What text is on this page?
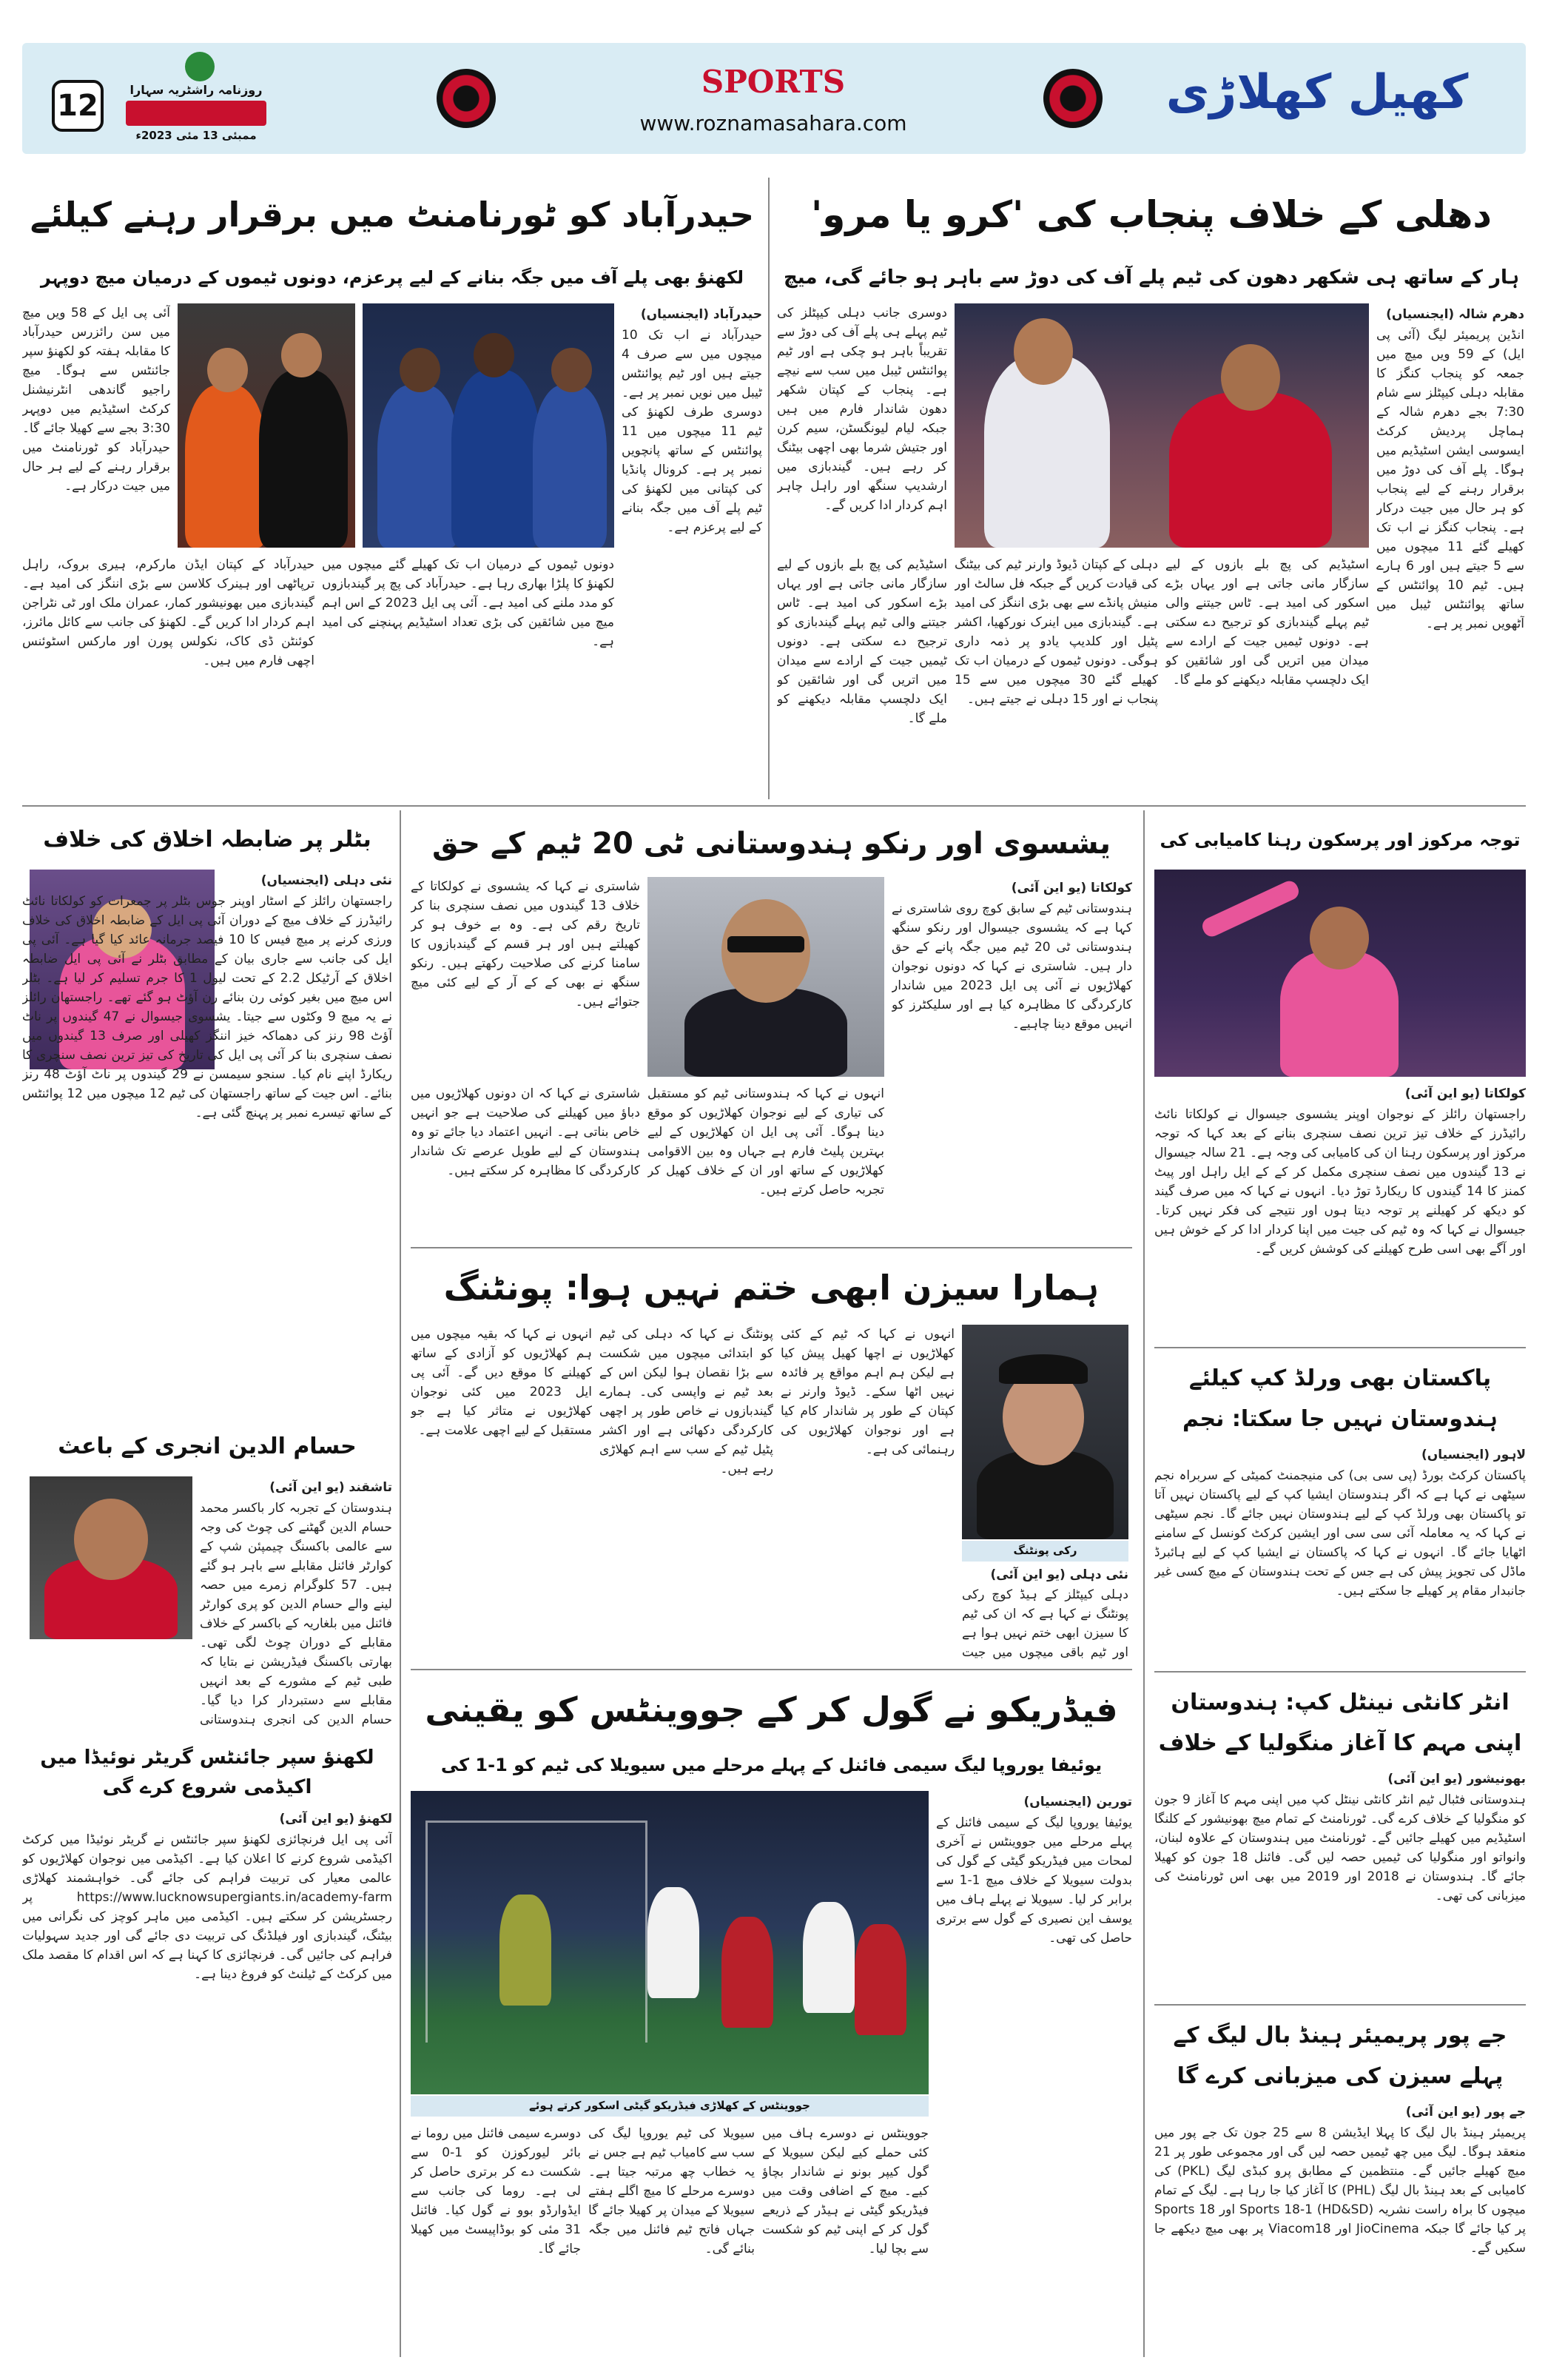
12	روزنامہ راشٹریہ سہارا
ممبئی 13 مئی 2023ء
SPORTS
www.roznamasahara.com
کھیل کھلاڑی
دھلی کے خلاف پنجاب کی 'کرو یا مرو'
ہار کے ساتھ ہی شکھر دھون کی ٹیم پلے آف کی دوڑ سے باہر ہو جائے گی، میچ
دھرم شالہ (ایجنسیاں)
انڈین پریمیئر لیگ (آئی پی ایل) کے 59 ویں میچ میں جمعہ کو پنجاب کنگز کا مقابلہ دہلی کیپٹلز سے شام 7:30 بجے دھرم شالہ کے ہماچل پردیش کرکٹ ایسوسی ایشن اسٹیڈیم میں ہوگا۔ پلے آف کی دوڑ میں برقرار رہنے کے لیے پنجاب کو ہر حال میں جیت درکار ہے۔ پنجاب کنگز نے اب تک کھیلے گئے 11 میچوں میں سے 5 جیتے ہیں اور 6 ہارے ہیں۔ ٹیم 10 پوائنٹس کے ساتھ پوائنٹس ٹیبل میں آٹھویں نمبر پر ہے۔
دوسری جانب دہلی کیپٹلز کی ٹیم پہلے ہی پلے آف کی دوڑ سے تقریباً باہر ہو چکی ہے اور ٹیم پوائنٹس ٹیبل میں سب سے نیچے ہے۔ پنجاب کے کپتان شکھر دھون شاندار فارم میں ہیں جبکہ لیام لیونگسٹن، سیم کرن اور جتیش شرما بھی اچھی بیٹنگ کر رہے ہیں۔ گیندبازی میں ارشدیپ سنگھ اور راہل چاہر اہم کردار ادا کریں گے۔
دہلی کے کپتان ڈیوڈ وارنر ٹیم کی بیٹنگ کی قیادت کریں گے جبکہ فل سالٹ اور منیش پانڈے سے بھی بڑی اننگز کی امید ہے۔ گیندبازی میں اینرک نورکھیا، اکشر پٹیل اور کلدیپ یادو پر ذمہ داری ہوگی۔ دونوں ٹیموں کے درمیان اب تک کھیلے گئے 30 میچوں میں سے 15 پنجاب نے اور 15 دہلی نے جیتے ہیں۔
اسٹیڈیم کی پچ بلے بازوں کے لیے سازگار مانی جاتی ہے اور یہاں بڑے اسکور کی امید ہے۔ ٹاس جیتنے والی ٹیم پہلے گیندبازی کو ترجیح دے سکتی ہے۔ دونوں ٹیمیں جیت کے ارادے سے میدان میں اتریں گی اور شائقین کو ایک دلچسپ مقابلہ دیکھنے کو ملے گا۔
اسٹیڈیم کی پچ بلے بازوں کے لیے سازگار مانی جاتی ہے اور یہاں بڑے اسکور کی امید ہے۔ ٹاس جیتنے والی ٹیم پہلے گیندبازی کو ترجیح دے سکتی ہے۔ دونوں ٹیمیں جیت کے ارادے سے میدان میں اتریں گی اور شائقین کو ایک دلچسپ مقابلہ دیکھنے کو ملے گا۔
حیدرآباد کو ٹورنامنٹ میں برقرار رہنے کیلئے
لکھنؤ بھی پلے آف میں جگہ بنانے کے لیے پرعزم، دونوں ٹیموں کے درمیان میچ دوپہر
آئی پی ایل کے 58 ویں میچ میں سن رائزرس حیدرآباد کا مقابلہ ہفتہ کو لکھنؤ سپر جائنٹس سے ہوگا۔ میچ راجیو گاندھی انٹرنیشنل کرکٹ اسٹیڈیم میں دوپہر 3:30 بجے سے کھیلا جائے گا۔ حیدرآباد کو ٹورنامنٹ میں برقرار رہنے کے لیے ہر حال میں جیت درکار ہے۔
حیدرآباد (ایجنسیاں)
حیدرآباد نے اب تک 10 میچوں میں سے صرف 4 جیتے ہیں اور ٹیم پوائنٹس ٹیبل میں نویں نمبر پر ہے۔ دوسری طرف لکھنؤ کی ٹیم 11 میچوں میں 11 پوائنٹس کے ساتھ پانچویں نمبر پر ہے۔ کرونال پانڈیا کی کپتانی میں لکھنؤ کی ٹیم پلے آف میں جگہ بنانے کے لیے پرعزم ہے۔
حیدرآباد کے کپتان ایڈن مارکرم، ہیری بروک، راہل ترپاٹھی اور ہینرک کلاسن سے بڑی اننگز کی امید ہے۔ گیندبازی میں بھونیشور کمار، عمران ملک اور ٹی نٹراجن اہم کردار ادا کریں گے۔ لکھنؤ کی جانب سے کائل مائرز، کوئنٹن ڈی کاک، نکولس پورن اور مارکس اسٹوئنس اچھی فارم میں ہیں۔
دونوں ٹیموں کے درمیان اب تک کھیلے گئے میچوں میں لکھنؤ کا پلڑا بھاری رہا ہے۔ حیدرآباد کی پچ پر گیندبازوں کو مدد ملنے کی امید ہے۔ آئی پی ایل 2023 کے اس اہم میچ میں شائقین کی بڑی تعداد اسٹیڈیم پہنچنے کی امید ہے۔
بٹلر پر ضابطہ اخلاق کی خلاف
نئی دہلی (ایجنسیاں)
راجستھان رائلز کے اسٹار اوپنر جوس بٹلر پر جمعرات کو کولکاتا نائٹ رائیڈرز کے خلاف میچ کے دوران آئی پی ایل کے ضابطہ اخلاق کی خلاف ورزی کرنے پر میچ فیس کا 10 فیصد جرمانہ عائد کیا گیا ہے۔ آئی پی ایل کی جانب سے جاری بیان کے مطابق بٹلر نے آئی پی ایل ضابطہ اخلاق کے آرٹیکل 2.2 کے تحت لیول 1 کا جرم تسلیم کر لیا ہے۔ بٹلر اس میچ میں بغیر کوئی رن بنائے رن آؤٹ ہو گئے تھے۔ راجستھان رائلز نے یہ میچ 9 وکٹوں سے جیتا۔ یشسوی جیسوال نے 47 گیندوں پر ناٹ آؤٹ 98 رنز کی دھماکہ خیز اننگز کھیلی اور صرف 13 گیندوں میں نصف سنچری بنا کر آئی پی ایل کی تاریخ کی تیز ترین نصف سنچری کا ریکارڈ اپنے نام کیا۔ سنجو سیمسن نے 29 گیندوں پر ناٹ آؤٹ 48 رنز بنائے۔ اس جیت کے ساتھ راجستھان کی ٹیم 12 میچوں میں 12 پوائنٹس کے ساتھ تیسرے نمبر پر پہنچ گئی ہے۔
حسام الدین انجری کے باعث
تاشقند (یو این آئی)
ہندوستان کے تجربہ کار باکسر محمد حسام الدین گھٹنے کی چوٹ کی وجہ سے عالمی باکسنگ چیمپئن شپ کے کوارٹر فائنل مقابلے سے باہر ہو گئے ہیں۔ 57 کلوگرام زمرے میں حصہ لینے والے حسام الدین کو پری کوارٹر فائنل میں بلغاریہ کے باکسر کے خلاف مقابلے کے دوران چوٹ لگی تھی۔ بھارتی باکسنگ فیڈریشن نے بتایا کہ طبی ٹیم کے مشورے کے بعد انہیں مقابلے سے دستبردار کرا دیا گیا۔ حسام الدین کی انجری ہندوستانی
لکھنؤ سپر جائنٹس گریٹر نوئیڈا میں اکیڈمی شروع کرے گی
لکھنؤ (یو این آئی)
آئی پی ایل فرنچائزی لکھنؤ سپر جائنٹس نے گریٹر نوئیڈا میں کرکٹ اکیڈمی شروع کرنے کا اعلان کیا ہے۔ اکیڈمی میں نوجوان کھلاڑیوں کو عالمی معیار کی تربیت فراہم کی جائے گی۔ خواہشمند کھلاڑی https://www.lucknowsupergiants.in/academy-farm پر رجسٹریشن کر سکتے ہیں۔ اکیڈمی میں ماہر کوچز کی نگرانی میں بیٹنگ، گیندبازی اور فیلڈنگ کی تربیت دی جائے گی اور جدید سہولیات فراہم کی جائیں گی۔ فرنچائزی کا کہنا ہے کہ اس اقدام کا مقصد ملک میں کرکٹ کے ٹیلنٹ کو فروغ دینا ہے۔
یشسوی اور رنکو ہندوستانی ٹی 20 ٹیم کے حق
کولکاتا (یو این آئی)
ہندوستانی ٹیم کے سابق کوچ روی شاستری نے کہا ہے کہ یشسوی جیسوال اور رنکو سنگھ ہندوستانی ٹی 20 ٹیم میں جگہ پانے کے حق دار ہیں۔ شاستری نے کہا کہ دونوں نوجوان کھلاڑیوں نے آئی پی ایل 2023 میں شاندار کارکردگی کا مظاہرہ کیا ہے اور سلیکٹرز کو انہیں موقع دینا چاہیے۔
شاستری نے کہا کہ یشسوی نے کولکاتا کے خلاف 13 گیندوں میں نصف سنچری بنا کر تاریخ رقم کی ہے۔ وہ بے خوف ہو کر کھیلتے ہیں اور ہر قسم کے گیندبازوں کا سامنا کرنے کی صلاحیت رکھتے ہیں۔ رنکو سنگھ نے بھی کے کے آر کے لیے کئی میچ جتوائے ہیں۔
انہوں نے کہا کہ ہندوستانی ٹیم کو مستقبل کی تیاری کے لیے نوجوان کھلاڑیوں کو موقع دینا ہوگا۔ آئی پی ایل ان کھلاڑیوں کے لیے بہترین پلیٹ فارم ہے جہاں وہ بین الاقوامی کھلاڑیوں کے ساتھ اور ان کے خلاف کھیل کر تجربہ حاصل کرتے ہیں۔
شاستری نے کہا کہ ان دونوں کھلاڑیوں میں دباؤ میں کھیلنے کی صلاحیت ہے جو انہیں خاص بناتی ہے۔ انہیں اعتماد دیا جائے تو وہ ہندوستان کے لیے طویل عرصے تک شاندار کارکردگی کا مظاہرہ کر سکتے ہیں۔
ہمارا سیزن ابھی ختم نہیں ہوا: پونٹنگ
رکی پونٹنگ
نئی دہلی (یو این آئی)
دہلی کیپٹلز کے ہیڈ کوچ رکی پونٹنگ نے کہا ہے کہ ان کی ٹیم کا سیزن ابھی ختم نہیں ہوا ہے اور ٹیم باقی میچوں میں جیت
انہوں نے کہا کہ ٹیم کے کئی کھلاڑیوں نے اچھا کھیل پیش کیا ہے لیکن ہم اہم مواقع پر فائدہ نہیں اٹھا سکے۔ ڈیوڈ وارنر نے کپتان کے طور پر شاندار کام کیا ہے اور نوجوان کھلاڑیوں کی رہنمائی کی ہے۔
پونٹنگ نے کہا کہ دہلی کی ٹیم کو ابتدائی میچوں میں شکست سے بڑا نقصان ہوا لیکن اس کے بعد ٹیم نے واپسی کی۔ ہمارے گیندبازوں نے خاص طور پر اچھی کارکردگی دکھائی ہے اور اکشر پٹیل ٹیم کے سب سے اہم کھلاڑی رہے ہیں۔
انہوں نے کہا کہ بقیہ میچوں میں ہم کھلاڑیوں کو آزادی کے ساتھ کھیلنے کا موقع دیں گے۔ آئی پی ایل 2023 میں کئی نوجوان کھلاڑیوں نے متاثر کیا ہے جو مستقبل کے لیے اچھی علامت ہے۔
فیڈریکو نے گول کر کے جووینٹس کو یقینی
یوئیفا یوروپا لیگ سیمی فائنل کے پہلے مرحلے میں سیویلا کی ٹیم کو 1-1 کی
جووینٹس کے کھلاڑی فیڈریکو گیٹی اسکور کرتے ہوئے
تورین (ایجنسیاں)
یوئیفا یوروپا لیگ کے سیمی فائنل کے پہلے مرحلے میں جووینٹس نے آخری لمحات میں فیڈریکو گیٹی کے گول کی بدولت سیویلا کے خلاف میچ 1-1 سے برابر کر لیا۔ سیویلا نے پہلے ہاف میں یوسف این نصیری کے گول سے برتری حاصل کی تھی۔
جووینٹس نے دوسرے ہاف میں کئی حملے کیے لیکن سیویلا کے گول کیپر بونو نے شاندار بچاؤ کیے۔ میچ کے اضافی وقت میں فیڈریکو گیٹی نے ہیڈر کے ذریعے گول کر کے اپنی ٹیم کو شکست سے بچا لیا۔
سیویلا کی ٹیم یوروپا لیگ کی سب سے کامیاب ٹیم ہے جس نے یہ خطاب چھ مرتبہ جیتا ہے۔ دوسرے مرحلے کا میچ اگلے ہفتے سیویلا کے میدان پر کھیلا جائے گا جہاں فاتح ٹیم فائنل میں جگہ بنائے گی۔
دوسرے سیمی فائنل میں روما نے بائر لیورکوزن کو 1-0 سے شکست دے کر برتری حاصل کر لی ہے۔ روما کی جانب سے ایڈوارڈو بوو نے گول کیا۔ فائنل 31 مئی کو بوڈاپیسٹ میں کھیلا جائے گا۔
توجہ مرکوز اور پرسکون رہنا کامیابی کی
کولکاتا (یو این آئی)
راجستھان رائلز کے نوجوان اوپنر یشسوی جیسوال نے کولکاتا نائٹ رائیڈرز کے خلاف تیز ترین نصف سنچری بنانے کے بعد کہا کہ توجہ مرکوز اور پرسکون رہنا ان کی کامیابی کی وجہ ہے۔ 21 سالہ جیسوال نے 13 گیندوں میں نصف سنچری مکمل کر کے کے ایل راہل اور پیٹ کمنز کا 14 گیندوں کا ریکارڈ توڑ دیا۔ انہوں نے کہا کہ میں صرف گیند کو دیکھ کر کھیلنے پر توجہ دیتا ہوں اور نتیجے کی فکر نہیں کرتا۔ جیسوال نے کہا کہ وہ ٹیم کی جیت میں اپنا کردار ادا کر کے خوش ہیں اور آگے بھی اسی طرح کھیلنے کی کوشش کریں گے۔
پاکستان بھی ورلڈ کپ کیلئے ہندوستان نہیں جا سکتا: نجم
لاہور (ایجنسیاں)
پاکستان کرکٹ بورڈ (پی سی بی) کی منیجمنٹ کمیٹی کے سربراہ نجم سیٹھی نے کہا ہے کہ اگر ہندوستان ایشیا کپ کے لیے پاکستان نہیں آتا تو پاکستان بھی ورلڈ کپ کے لیے ہندوستان نہیں جائے گا۔ نجم سیٹھی نے کہا کہ یہ معاملہ آئی سی سی اور ایشین کرکٹ کونسل کے سامنے اٹھایا جائے گا۔ انہوں نے کہا کہ پاکستان نے ایشیا کپ کے لیے ہائبرڈ ماڈل کی تجویز پیش کی ہے جس کے تحت ہندوستان کے میچ کسی غیر جانبدار مقام پر کھیلے جا سکتے ہیں۔
انٹر کانٹی نینٹل کپ: ہندوستان اپنی مہم کا آغاز منگولیا کے خلاف
بھونیشور (یو این آئی)
ہندوستانی فٹبال ٹیم انٹر کانٹی نینٹل کپ میں اپنی مہم کا آغاز 9 جون کو منگولیا کے خلاف کرے گی۔ ٹورنامنٹ کے تمام میچ بھونیشور کے کلنگا اسٹیڈیم میں کھیلے جائیں گے۔ ٹورنامنٹ میں ہندوستان کے علاوہ لبنان، وانواتو اور منگولیا کی ٹیمیں حصہ لیں گی۔ فائنل 18 جون کو کھیلا جائے گا۔ ہندوستان نے 2018 اور 2019 میں بھی اس ٹورنامنٹ کی میزبانی کی تھی۔
جے پور پریمیئر ہینڈ بال لیگ کے پہلے سیزن کی میزبانی کرے گا
جے پور (یو این آئی)
پریمیئر ہینڈ بال لیگ کا پہلا ایڈیشن 8 سے 25 جون تک جے پور میں منعقد ہوگا۔ لیگ میں چھ ٹیمیں حصہ لیں گی اور مجموعی طور پر 21 میچ کھیلے جائیں گے۔ منتظمین کے مطابق پرو کبڈی لیگ (PKL) کی کامیابی کے بعد ہینڈ بال لیگ (PHL) کا آغاز کیا جا رہا ہے۔ لیگ کے تمام میچوں کا براہ راست نشریہ Sports 18-1 (HD&SD) اور Sports 18 پر کیا جائے گا جبکہ JioCinema اور Viacom18 پر بھی میچ دیکھے جا سکیں گے۔
